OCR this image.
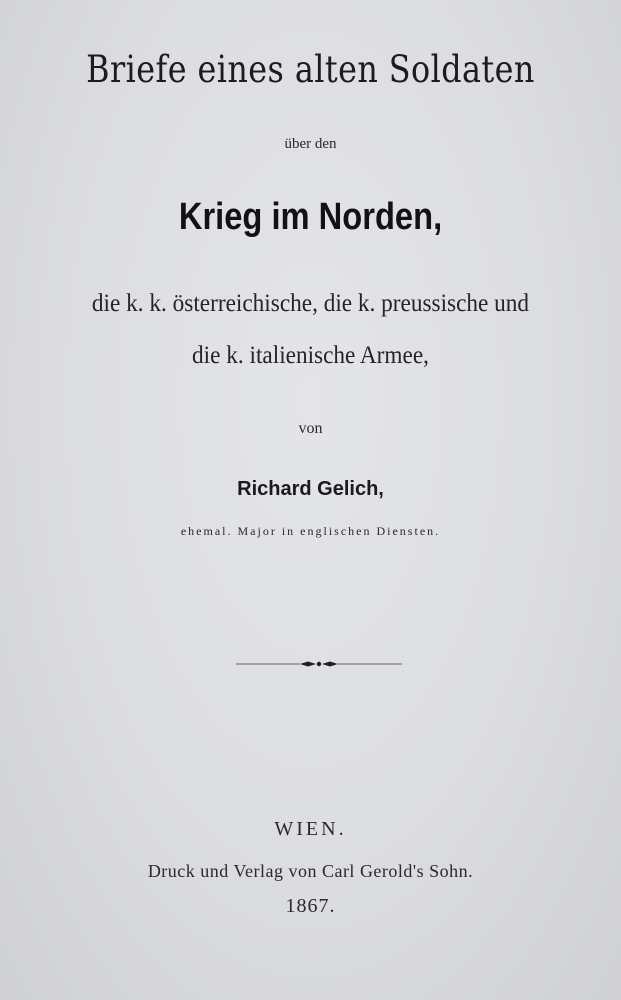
Briefe eines alten Soldaten
über den
Krieg im Norden,
die k. k. österreichische, die k. preussische und
die k. italienische Armee,
von
Richard Gelich,
ehemal. Major in englischen Diensten.
WIEN.
Druck und Verlag von Carl Gerold's Sohn.
1867.
